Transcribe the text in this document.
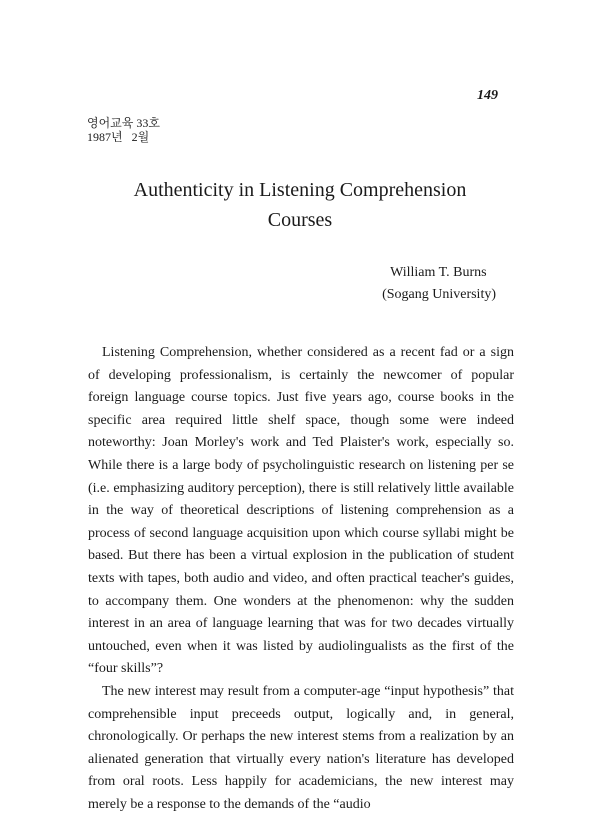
149
영어교육 33호
1987년   2월
Authenticity in Listening Comprehension
Courses
William T. Burns
(Sogang University)

Listening Comprehension, whether considered as a recent fad or a sign of developing professionalism, is certainly the newcomer of popular foreign language course topics. Just five years ago, course books in the specific area required little shelf space, though some were indeed noteworthy: Joan Morley's work and Ted Plaister's work, especially so. While there is a large body of psycholinguistic research on listening per se (i.e. emphasizing auditory perception), there is still relatively little available in the way of theoretical descriptions of listening comprehension as a process of second language acquisition upon which course syllabi might be based. But there has been a virtual explosion in the publication of student texts with tapes, both audio and video, and often practical teacher's guides, to accompany them. One wonders at the phenomenon: why the sudden interest in an area of language learning that was for two decades virtually untouched, even when it was listed by audiolingualists as the first of the “four skills”?

The new interest may result from a computer-age “input hypothesis” that comprehensible input preceeds output, logically and, in general, chronologically. Or perhaps the new interest stems from a realization by an alienated generation that virtually every nation's literature has developed from oral roots. Less happily for academicians, the new interest may merely be a response to the demands of the “audio
